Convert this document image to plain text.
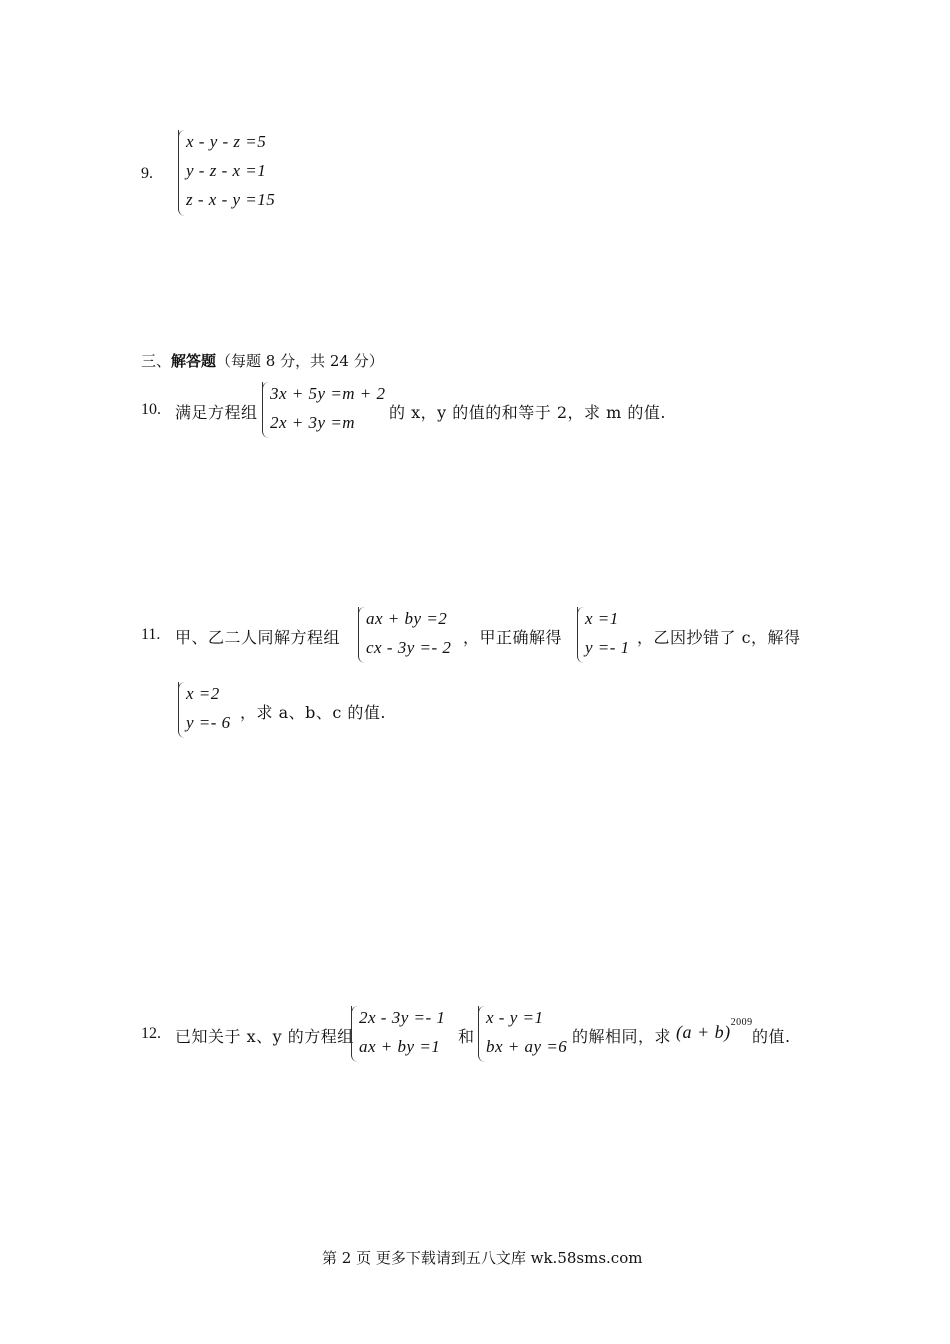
9.
x - y - z =5
y - z - x =1
z - x - y =15
三、解答题（每题 8 分，共 24 分）
10. 满足方程组
3x + 5y =m + 2
2x + 3y =m
的 x，y 的值的和等于 2，求 m 的值.
11. 甲、乙二人同解方程组
ax + by =2
cx - 3y =- 2
，甲正确解得
x =1
y =- 1
，乙因抄错了 c，解得
x =2
y =- 6
，求 a、b、c 的值.
12. 已知关于 x、y 的方程组
2x - 3y =- 1
ax + by =1
和
x - y =1
bx + ay =6
的解相同，求 $(a + b)^{2009}$
的值.
第 2 页 更多下载请到五八文库 wk.58sms.com
